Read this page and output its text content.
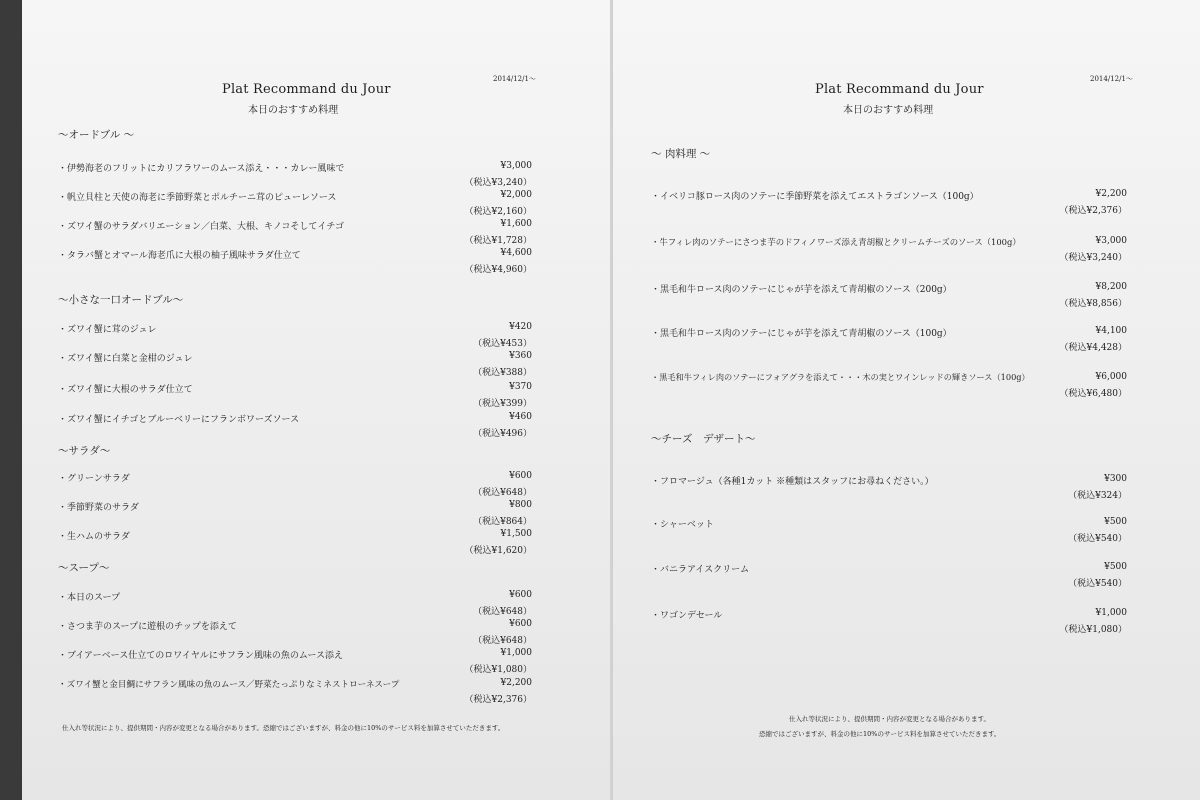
Plat Recommand du Jour
本日のおすすめ料理
2014/12/1～
～オードブル ～
・伊勢海老のフリットにカリフラワーのムース添え・・・カレー風味で	¥3,000
（税込¥3,240）
・帆立貝柱と天使の海老に季節野菜とポルチーニ茸のピューレソース	¥2,000
（税込¥2,160）
・ズワイ蟹のサラダバリエーション／白菜、大根、キノコそしてイチゴ	¥1,600
（税込¥1,728）
・タラバ蟹とオマール海老爪に大根の柚子風味サラダ仕立て	¥4,600
（税込¥4,960）
～小さな一口オードブル～
・ズワイ蟹に茸のジュレ	¥420
（税込¥453）
・ズワイ蟹に白菜と金柑のジュレ	¥360
（税込¥388）
・ズワイ蟹に大根のサラダ仕立て	¥370
（税込¥399）
・ズワイ蟹にイチゴとブルーベリーにフランボワーズソース	¥460
（税込¥496）
～サラダ～
・グリーンサラダ	¥600
（税込¥648）
・季節野菜のサラダ	¥800
（税込¥864）
・生ハムのサラダ	¥1,500
（税込¥1,620）
～スープ～
・本日のスープ	¥600
（税込¥648）
・さつま芋のスープに遊根のチップを添えて	¥600
（税込¥648）
・ブイアーベース仕立てのロワイヤルにサフラン風味の魚のムース添え	¥1,000
（税込¥1,080）
・ズワイ蟹と金目鯛にサフラン風味の魚のムース／野菜たっぷりなミネストローネスープ	¥2,200
（税込¥2,376）
仕入れ等状況により、提供期間・内容が変更となる場合があります。恐縮ではございますが、料金の他に10%のサービス料を加算させていただきます。
Plat Recommand du Jour
本日のおすすめ料理
2014/12/1～
～ 肉料理 ～
・イベリコ豚ロース肉のソテーに季節野菜を添えてエストラゴンソース（100g）	¥2,200
（税込¥2,376）
・牛フィレ肉のソテーにさつま芋のドフィノワーズ添え青胡椒とクリームチーズのソース（100g）	¥3,000
（税込¥3,240）
・黒毛和牛ロース肉のソテーにじゃが芋を添えて青胡椒のソース（200g）	¥8,200
（税込¥8,856）
・黒毛和牛ロース肉のソテーにじゃが芋を添えて青胡椒のソース（100g）	¥4,100
（税込¥4,428）
・黒毛和牛フィレ肉のソテーにフォアグラを添えて・・・木の実とワインレッドの輝きソース（100g）	¥6,000
（税込¥6,480）
～チーズ　デザート～
・フロマージュ（各種1カット ※種類はスタッフにお尋ねください。）	¥300
（税込¥324）
・シャーベット	¥500
（税込¥540）
・バニラアイスクリーム	¥500
（税込¥540）
・ワゴンデセール	¥1,000
（税込¥1,080）
仕入れ等状況により、提供期間・内容が変更となる場合があります。
恐縮ではございますが、料金の他に10%のサービス料を加算させていただきます。
